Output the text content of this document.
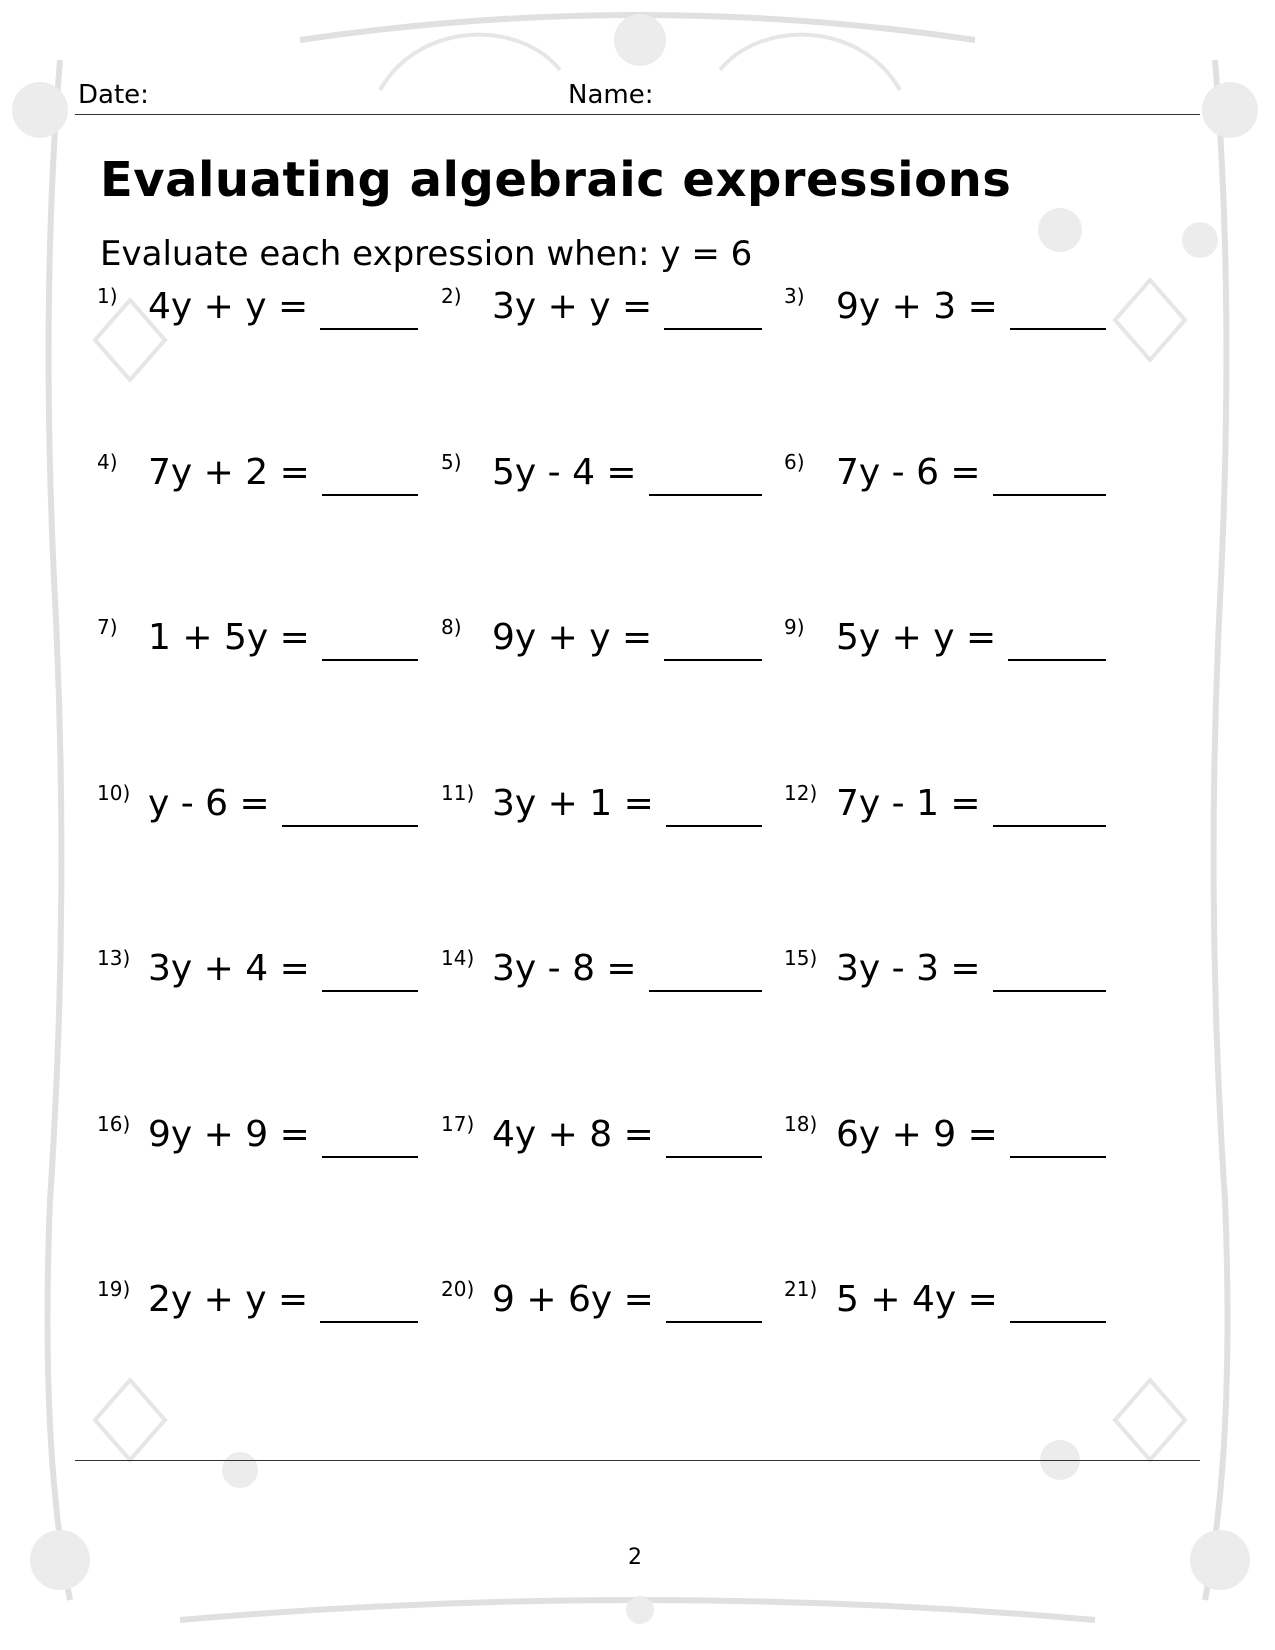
Date:	Name:
Evaluating algebraic expressions
Evaluate each expression when: y = 6
1) 4y + y =	2) 3y + y =	3) 9y + 3 =
4) 7y + 2 =	5) 5y - 4 =	6) 7y - 6 =
7) 1 + 5y =	8) 9y + y =	9) 5y + y =
10) y - 6 =	11) 3y + 1 =	12) 7y - 1 =
13) 3y + 4 =	14) 3y - 8 =	15) 3y - 3 =
16) 9y + 9 =	17) 4y + 8 =	18) 6y + 9 =
19) 2y + y =	20) 9 + 6y =	21) 5 + 4y =
2
